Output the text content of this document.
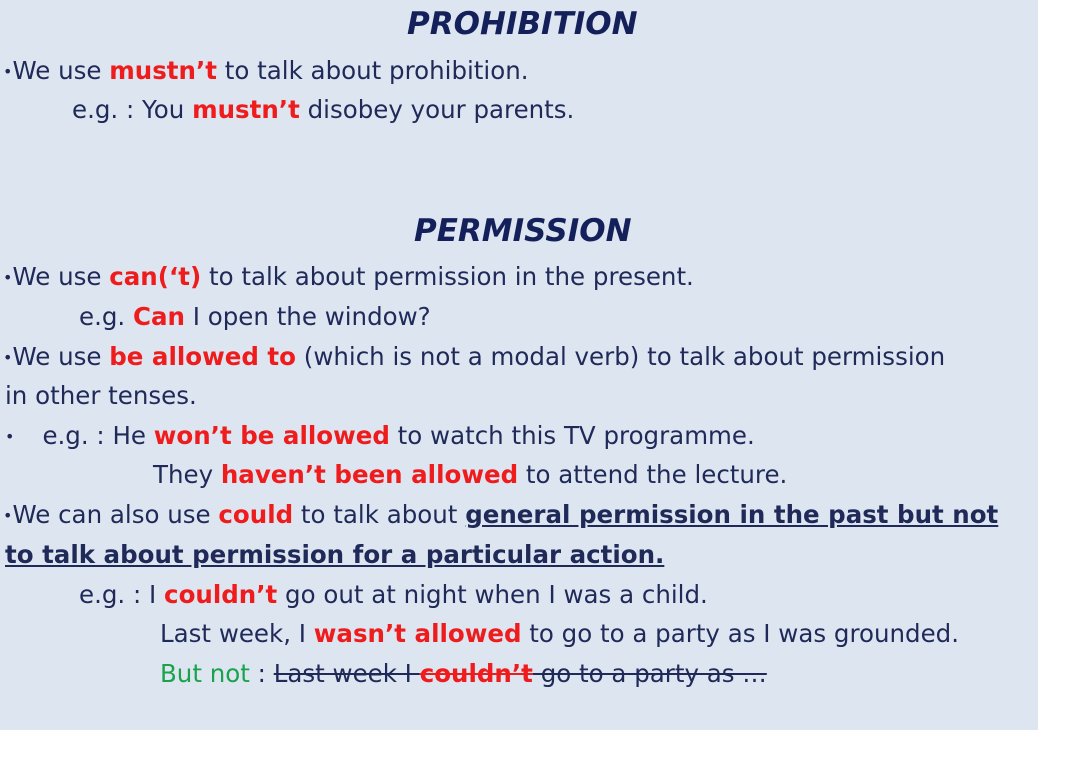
PROHIBITION
•We use mustn’t to talk about prohibition.
e.g. : You mustn’t disobey your parents.
PERMISSION
•We use can(‘t) to talk about permission in the present.
e.g. Can I open the window?
•We use be allowed to (which is not a modal verb) to talk about permission
in other tenses.
• e.g. : He won’t be allowed to watch this TV programme.
They haven’t been allowed to attend the lecture.
•We can also use could to talk about general permission in the past but not
to talk about permission for a particular action.
e.g. : I couldn’t go out at night when I was a child.
Last week, I wasn’t allowed to go to a party as I was grounded.
But not : Last week I couldn’t go to a party as …
